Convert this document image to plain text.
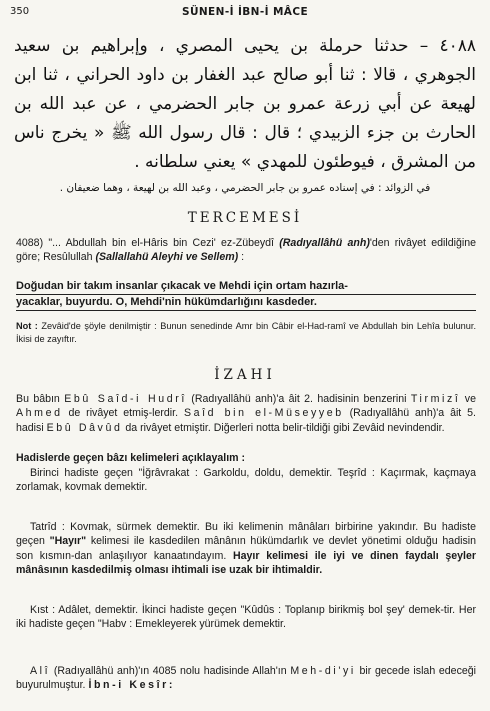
350	SÜNEN-İ İBN-İ MÂCE
٤٠٨٨ – حدثنا حرملة بن يحيى المصري ، وإبراهيم بن سعيد الجوهري ، قالا : ثنا أبو صالح عبد الغفار بن داود الحراني ، ثنا ابن لهيعة عن أبي زرعة عمرو بن جابر الحضرمي ، عن عبد الله بن الحارث بن جزء الزبيدي ؛ قال : قال رسول الله ﷺ « يخرج ناس من المشرق ، فيوطئون للمهدي » يعني سلطانه .
في الزوائد : في إسناده عمرو بن جابر الحضرمي ، وعبد الله بن لهيعة ، وهما ضعيفان .
TERCEMESİ
4088) "... Abdullah bin el-Hâris bin Cezi' ez-Zübeydî (Radıyallâhü anh)'den rivâyet edildiğine göre; Resûlullah (Sallallahü Aleyhi ve Sellem) :
Doğudan bir takım insanlar çıkacak ve Mehdi için ortam hazırla-
yacaklar, buyurdu. O, Mehdi'nin hükümdarlığını kasdeder.
Not : Zevâid'de şöyle denilmiştir : Bunun senedinde Amr bin Câbir el-Had-ramî ve Abdullah bin Lehîa bulunur. İkisi de zayıftır.
İZAHI
Bu bâbın Ebû Saîd-i Hudrî (Radıyallâhü anh)'a âit 2. hadisinin benzerini Tirmizî ve Ahmed de rivâyet etmiş-lerdir. Saîd bin el-Müseyyeb (Radıyallâhü anh)'a âit 5. hadisi Ebû Dâvûd da rivâyet etmiştir. Diğerleri notta belir-tildiği gibi Zevâid nevindendir.
Hadislerde geçen bâzı kelimeleri açıklayalım :
Birinci hadiste geçen "İğrâvrakat : Garkoldu, doldu, demektir. Teşrîd : Kaçırmak, kaçmaya zorlamak, kovmak demektir.
Tatrîd : Kovmak, sürmek demektir. Bu iki kelimenin mânâları birbirine yakındır. Bu hadiste geçen "Hayır" kelimesi ile kasdedilen mânânın hükümdarlık ve devlet yönetimi olduğu hadisin son kısmın-dan anlaşılıyor kanaatındayım. Hayır kelimesi ile iyi ve dinen faydalı şeyler mânâsının kasdedilmiş olması ihtimali ise uzak bir ihtimaldir.
Kıst : Adâlet, demektir. İkinci hadiste geçen "Kûdûs : Toplanıp birikmiş bol şey' demek-tir. Her iki hadiste geçen "Habv : Emekleyerek yürümek demektir.
Alî (Radıyallâhü anh)'ın 4085 nolu hadisinde Allah'ın Meh-di'yi bir gecede islah edeceği buyurulmuştur. İbn-i Kesîr:
